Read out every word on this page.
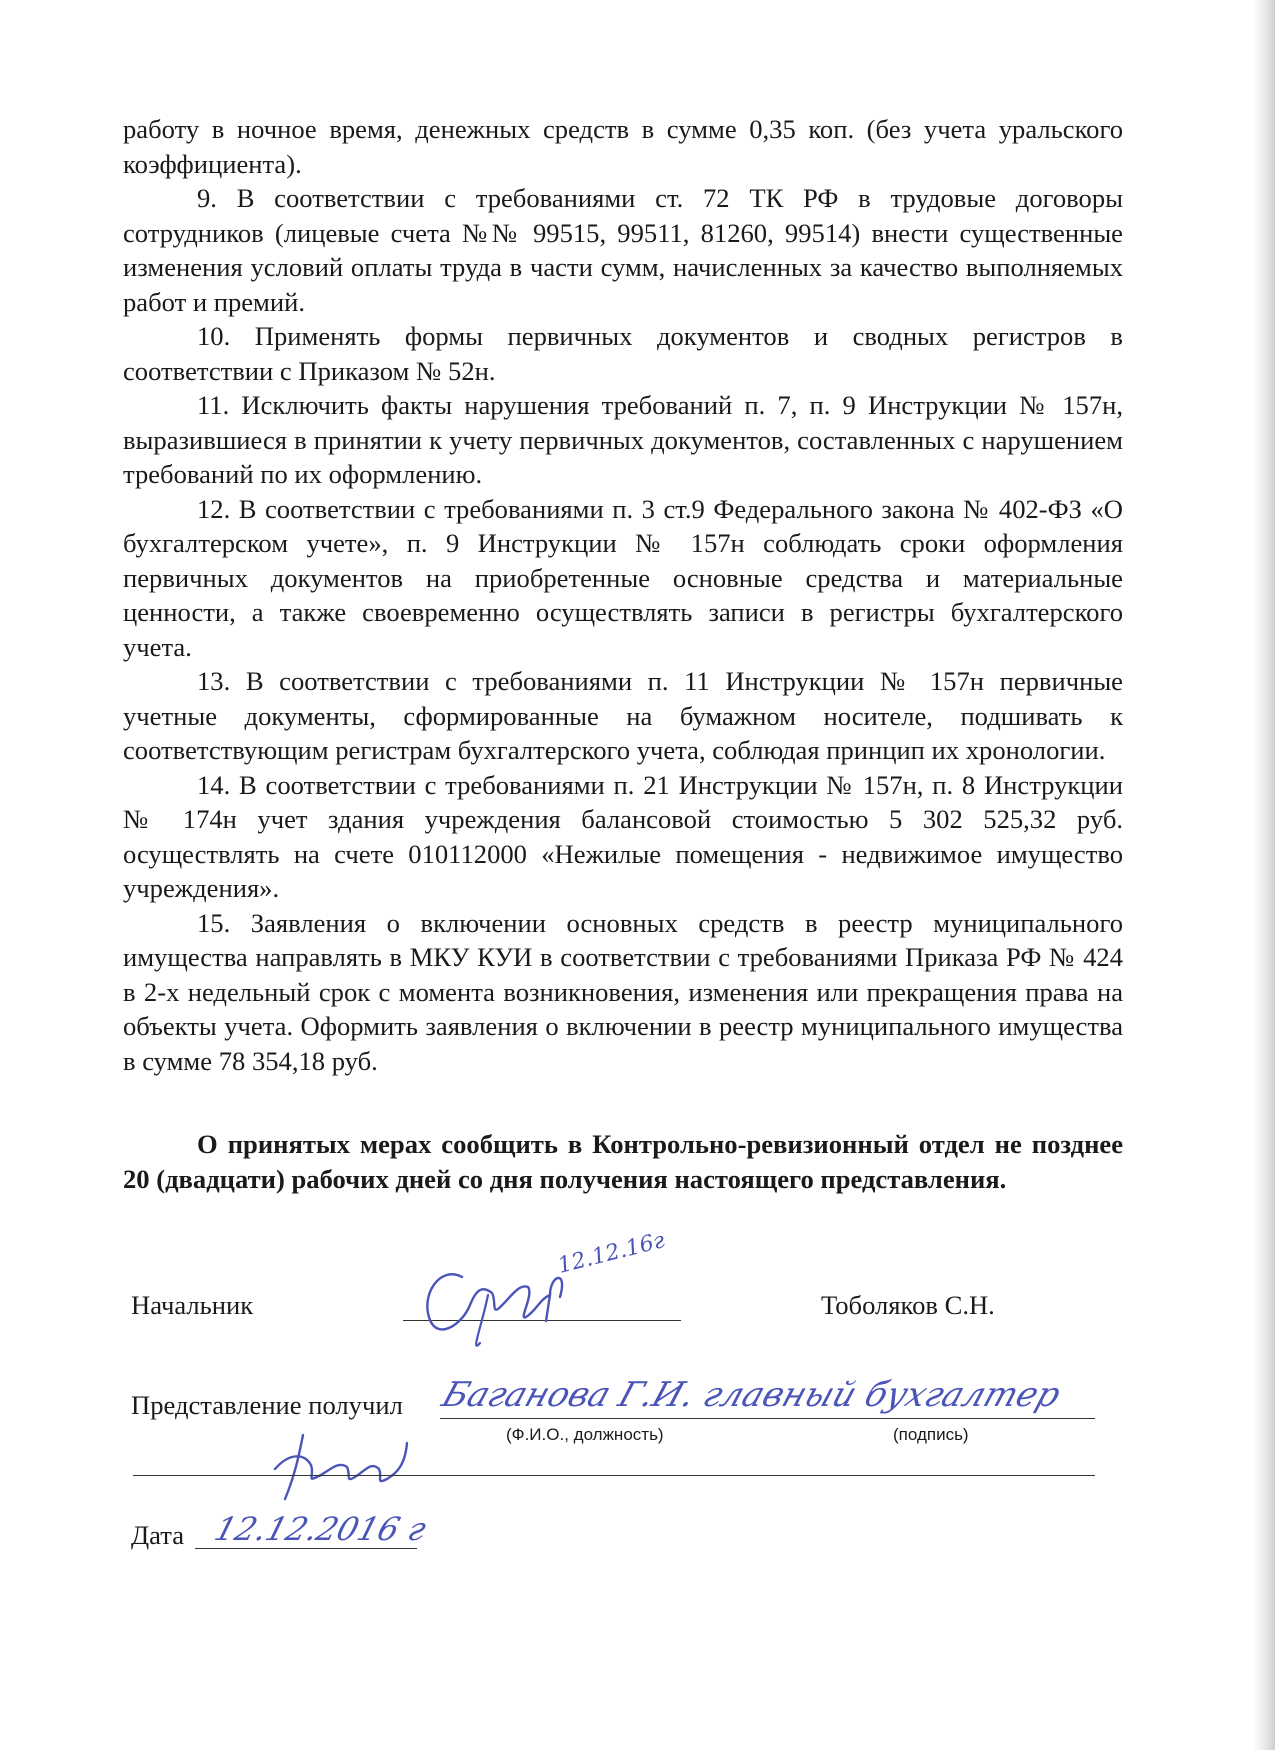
работу в ночное время, денежных средств в сумме 0,35 коп. (без учета уральского коэффициента).

9. В соответствии с требованиями ст. 72 ТК РФ в трудовые договоры сотрудников (лицевые счета №№ 99515, 99511, 81260, 99514) внести существенные изменения условий оплаты труда в части сумм, начисленных за качество выполняемых работ и премий.

10. Применять формы первичных документов и сводных регистров в соответствии с Приказом № 52н.

11. Исключить факты нарушения требований п. 7, п. 9 Инструкции № 157н, выразившиеся в принятии к учету первичных документов, составленных с нарушением требований по их оформлению.

12. В соответствии с требованиями п. 3 ст.9 Федерального закона № 402-ФЗ «О бухгалтерском учете», п. 9 Инструкции № 157н соблюдать сроки оформления первичных документов на приобретенные основные средства и материальные ценности, а также своевременно осуществлять записи в регистры бухгалтерского учета.

13. В соответствии с требованиями п. 11 Инструкции № 157н первичные учетные документы, сформированные на бумажном носителе, подшивать к соответствующим регистрам бухгалтерского учета, соблюдая принцип их хронологии.

14. В соответствии с требованиями п. 21 Инструкции № 157н, п. 8 Инструкции № 174н учет здания учреждения балансовой стоимостью 5 302 525,32 руб. осуществлять на счете 010112000 «Нежилые помещения - недвижимое имущество учреждения».

15. Заявления о включении основных средств в реестр муниципального имущества направлять в МКУ КУИ в соответствии с требованиями Приказа РФ № 424 в 2-х недельный срок с момента возникновения, изменения или прекращения права на объекты учета. Оформить заявления о включении в реестр муниципального имущества в сумме 78 354,18 руб.

О принятых мерах сообщить в Контрольно-ревизионный отдел не позднее 20 (двадцати) рабочих дней со дня получения настоящего представления.

Начальник
12.12.16г
Тоболяков С.Н.
Представление получил Баганова Г.И. главный бухгалтер
(Ф.И.О., должность)	(подпись)
Дата 12.12.2016 г
